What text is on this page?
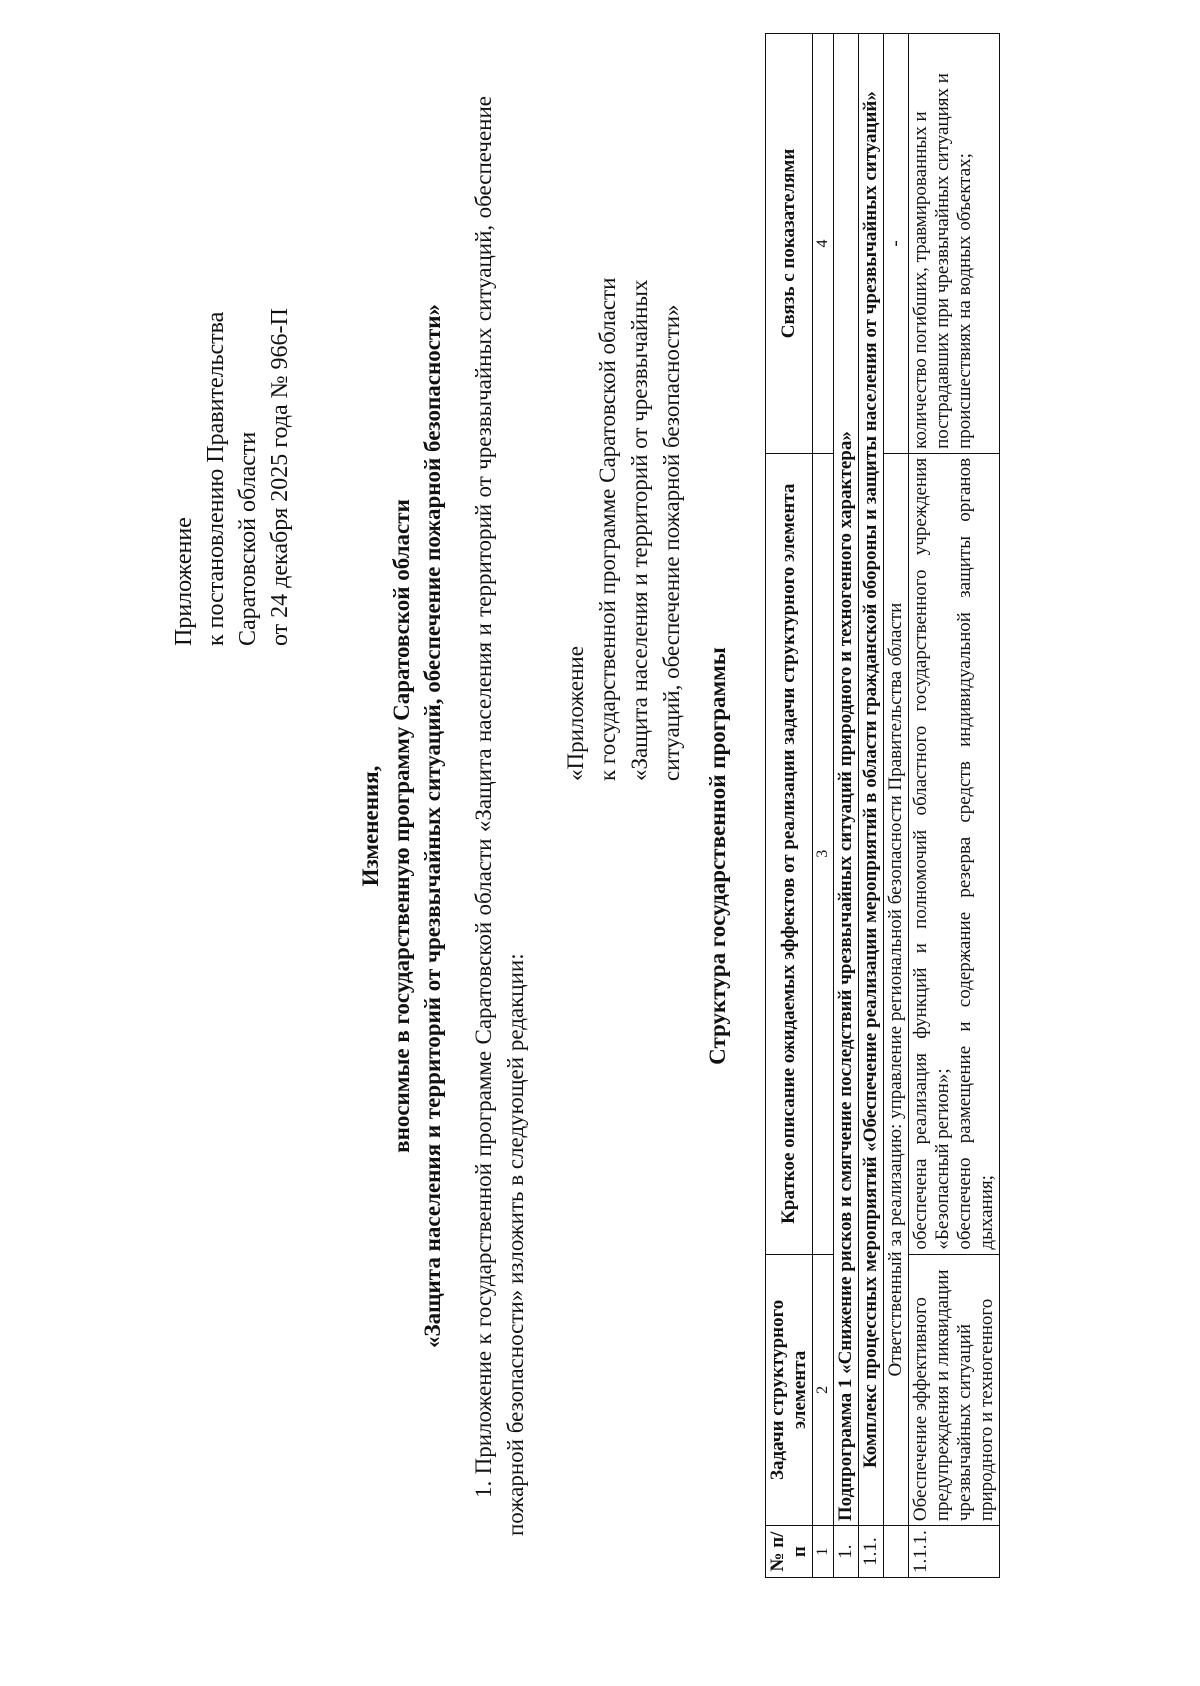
Приложение к постановлению Правительства Саратовской области от 24 декабря 2025 года № 966-П
Изменения, вносимые в государственную программу Саратовской области «Защита населения и территорий от чрезвычайных ситуаций, обеспечение пожарной безопасности» 1. Приложение к государственной программе Саратовской области «Защита населения и территорий от чрезвычайных ситуаций, обеспечение пожарной безопасности» изложить в следующей редакции:
«Приложение к государственной программе Саратовской области «Защита населения и территорий от чрезвычайных ситуаций, обеспечение пожарной безопасности»
Структура государственной программы
№ п/п	Задачи структурного элемента	Краткое описание ожидаемых эффектов от реализации задачи структурного элемента	Связь с показателями
1	2	3	4
1.	Подпрограмма 1 «Снижение рисков и смягчение последствий чрезвычайных ситуаций природного и техногенного характера»		
1.1.	Комплекс процессных мероприятий «Обеспечение реализации мероприятий в области гражданской обороны и защиты населения от чрезвычайных ситуаций»		
	Ответственный за реализацию: управление региональной безопасности Правительства области		-
1.1.1.	Обеспечение эффективного предупреждения и ликвидации чрезвычайных ситуаций природного и техногенного	обеспечена реализация функций и полномочий областного государственного учреждения «Безопасный регион»; обеспечено размещение и содержание резерва средств индивидуальной защиты органов дыхания;	количество погибших, травмированных и пострадавших при чрезвычайных ситуациях и происшествиях на водных объектах;
